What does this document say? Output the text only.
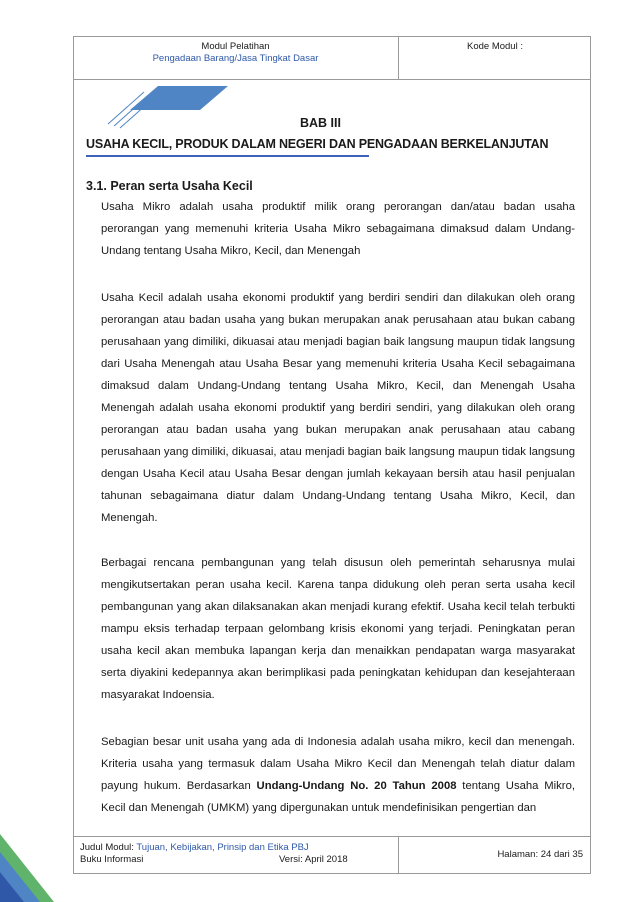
Modul Pelatihan
Pengadaan Barang/Jasa Tingkat Dasar
Kode Modul :
BAB III
USAHA KECIL, PRODUK DALAM NEGERI DAN PENGADAAN BERKELANJUTAN
3.1. Peran serta Usaha Kecil

Usaha Mikro adalah usaha produktif milik orang perorangan dan/atau badan usaha perorangan yang memenuhi kriteria Usaha Mikro sebagaimana dimaksud dalam Undang-Undang tentang Usaha Mikro, Kecil, dan Menengah

Usaha Kecil adalah usaha ekonomi produktif yang berdiri sendiri dan dilakukan oleh orang perorangan atau badan usaha yang bukan merupakan anak perusahaan atau bukan cabang perusahaan yang dimiliki, dikuasai atau menjadi bagian baik langsung maupun tidak langsung dari Usaha Menengah atau Usaha Besar yang memenuhi kriteria Usaha Kecil sebagaimana dimaksud dalam Undang-Undang tentang Usaha Mikro, Kecil, dan Menengah Usaha Menengah adalah usaha ekonomi produktif yang berdiri sendiri, yang dilakukan oleh orang perorangan atau badan usaha yang bukan merupakan anak perusahaan atau cabang perusahaan yang dimiliki, dikuasai, atau menjadi bagian baik langsung maupun tidak langsung dengan Usaha Kecil atau Usaha Besar dengan jumlah kekayaan bersih atau hasil penjualan tahunan sebagaimana diatur dalam Undang-Undang tentang Usaha Mikro, Kecil, dan Menengah.

Berbagai rencana pembangunan yang telah disusun oleh pemerintah seharusnya mulai mengikutsertakan peran usaha kecil. Karena tanpa didukung oleh peran serta usaha kecil pembangunan yang akan dilaksanakan akan menjadi kurang efektif. Usaha kecil telah terbukti mampu eksis terhadap terpaan gelombang krisis ekonomi yang terjadi. Peningkatan peran usaha kecil akan membuka lapangan kerja dan menaikkan pendapatan warga masyarakat serta diyakini kedepannya akan berimplikasi pada peningkatan kehidupan dan kesejahteraan masyarakat Indoensia.

Sebagian besar unit usaha yang ada di Indonesia adalah usaha mikro, kecil dan menengah. Kriteria usaha yang termasuk dalam Usaha Mikro Kecil dan Menengah telah diatur dalam payung hukum. Berdasarkan Undang-Undang No. 20 Tahun 2008 tentang Usaha Mikro, Kecil dan Menengah (UMKM) yang dipergunakan untuk mendefinisikan pengertian dan

Judul Modul: Tujuan, Kebijakan, Prinsip dan Etika PBJ
Buku Informasi	Versi: April 2018	Halaman: 24 dari 35
